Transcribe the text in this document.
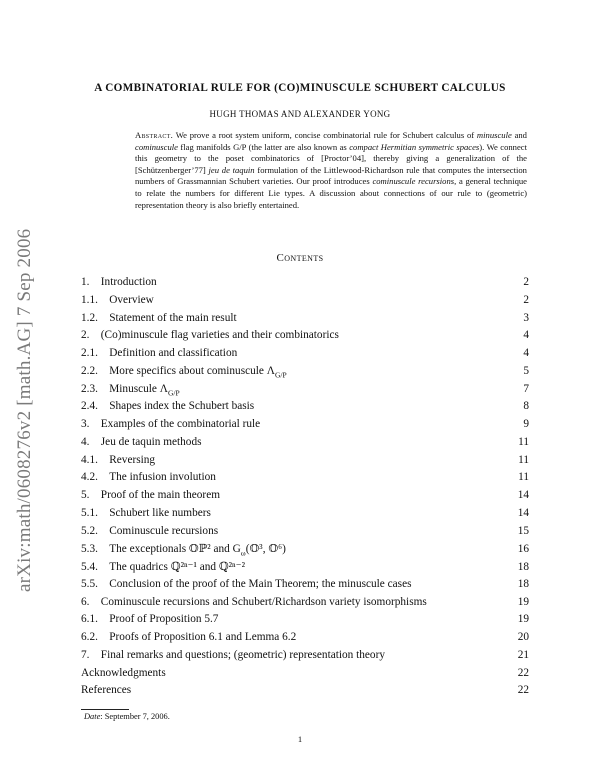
arXiv:math/0608276v2 [math.AG] 7 Sep 2006
A COMBINATORIAL RULE FOR (CO)MINUSCULE SCHUBERT CALCULUS
HUGH THOMAS AND ALEXANDER YONG
Abstract. We prove a root system uniform, concise combinatorial rule for Schubert calculus of minuscule and cominuscule flag manifolds G/P (the latter are also known as compact Hermitian symmetric spaces). We connect this geometry to the poset combinatorics of [Proctor’04], thereby giving a generalization of the [Schützenberger’77] jeu de taquin formulation of the Littlewood-Richardson rule that computes the intersection numbers of Grassmannian Schubert varieties. Our proof introduces cominuscule recursions, a general technique to relate the numbers for different Lie types. A discussion about connections of our rule to (geometric) representation theory is also briefly entertained.
Contents
1.  Introduction	2
1.1.  Overview	2
1.2.  Statement of the main result	3
2.  (Co)minuscule flag varieties and their combinatorics	4
2.1.  Definition and classification	4
2.2.  More specifics about cominuscule $\Lambda_{G/P}$	5
2.3.  Minuscule $\Lambda_{G/P}$	7
2.4.  Shapes index the Schubert basis	8
3.  Examples of the combinatorial rule	9
4.  Jeu de taquin methods	11
4.1.  Reversing	11
4.2.  The infusion involution	11
5.  Proof of the main theorem	14
5.1.  Schubert like numbers	14
5.2.  Cominuscule recursions	15
5.3.  The exceptionals 𝕆ℙ² and $G_\omega(𝕆^3$, 𝕆⁶)	16
5.4.  The quadrics ℚ²ⁿ⁻¹ and ℚ²ⁿ⁻²	18
5.5.  Conclusion of the proof of the Main Theorem; the minuscule cases	18
6.  Cominuscule recursions and Schubert/Richardson variety isomorphisms	19
6.1.  Proof of Proposition 5.7	19
6.2.  Proofs of Proposition 6.1 and Lemma 6.2	20
7.  Final remarks and questions; (geometric) representation theory	21
Acknowledgments	22
References	22
Date: September 7, 2006.
1
